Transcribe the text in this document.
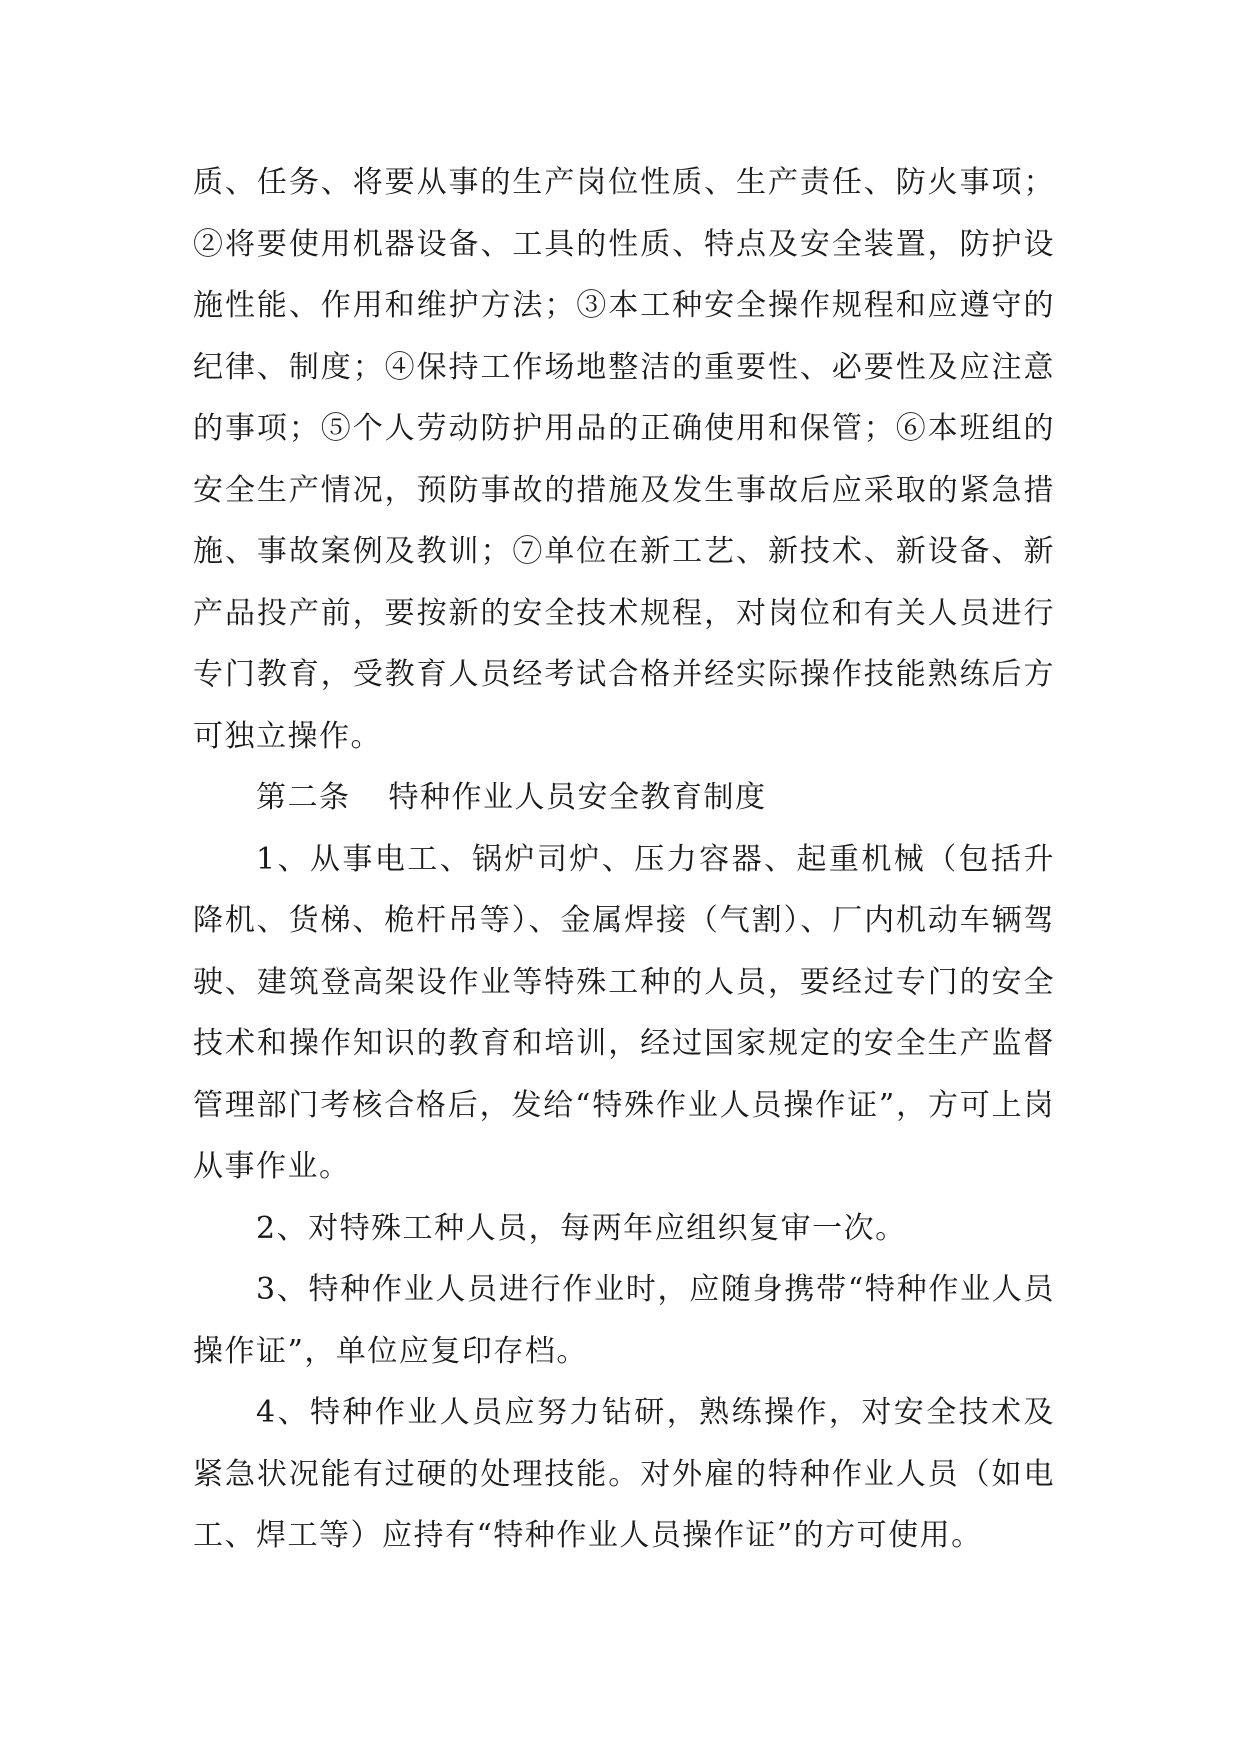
质、任务、将要从事的生产岗位性质、生产责任、防火事项；②将要使用机器设备、工具的性质、特点及安全装置，防护设施性能、作用和维护方法；③本工种安全操作规程和应遵守的纪律、制度；④保持工作场地整洁的重要性、必要性及应注意的事项；⑤个人劳动防护用品的正确使用和保管；⑥本班组的安全生产情况，预防事故的措施及发生事故后应采取的紧急措施、事故案例及教训；⑦单位在新工艺、新技术、新设备、新产品投产前，要按新的安全技术规程，对岗位和有关人员进行专门教育，受教育人员经考试合格并经实际操作技能熟练后方可独立操作。

第二条 特种作业人员安全教育制度

1、从事电工、锅炉司炉、压力容器、起重机械（包括升降机、货梯、桅杆吊等）、金属焊接（气割）、厂内机动车辆驾驶、建筑登高架设作业等特殊工种的人员，要经过专门的安全技术和操作知识的教育和培训，经过国家规定的安全生产监督管理部门考核合格后，发给“特殊作业人员操作证”，方可上岗从事作业。

2、对特殊工种人员，每两年应组织复审一次。

3、特种作业人员进行作业时，应随身携带“特种作业人员操作证”，单位应复印存档。

4、特种作业人员应努力钻研，熟练操作，对安全技术及紧急状况能有过硬的处理技能。对外雇的特种作业人员（如电工、焊工等）应持有“特种作业人员操作证”的方可使用。
